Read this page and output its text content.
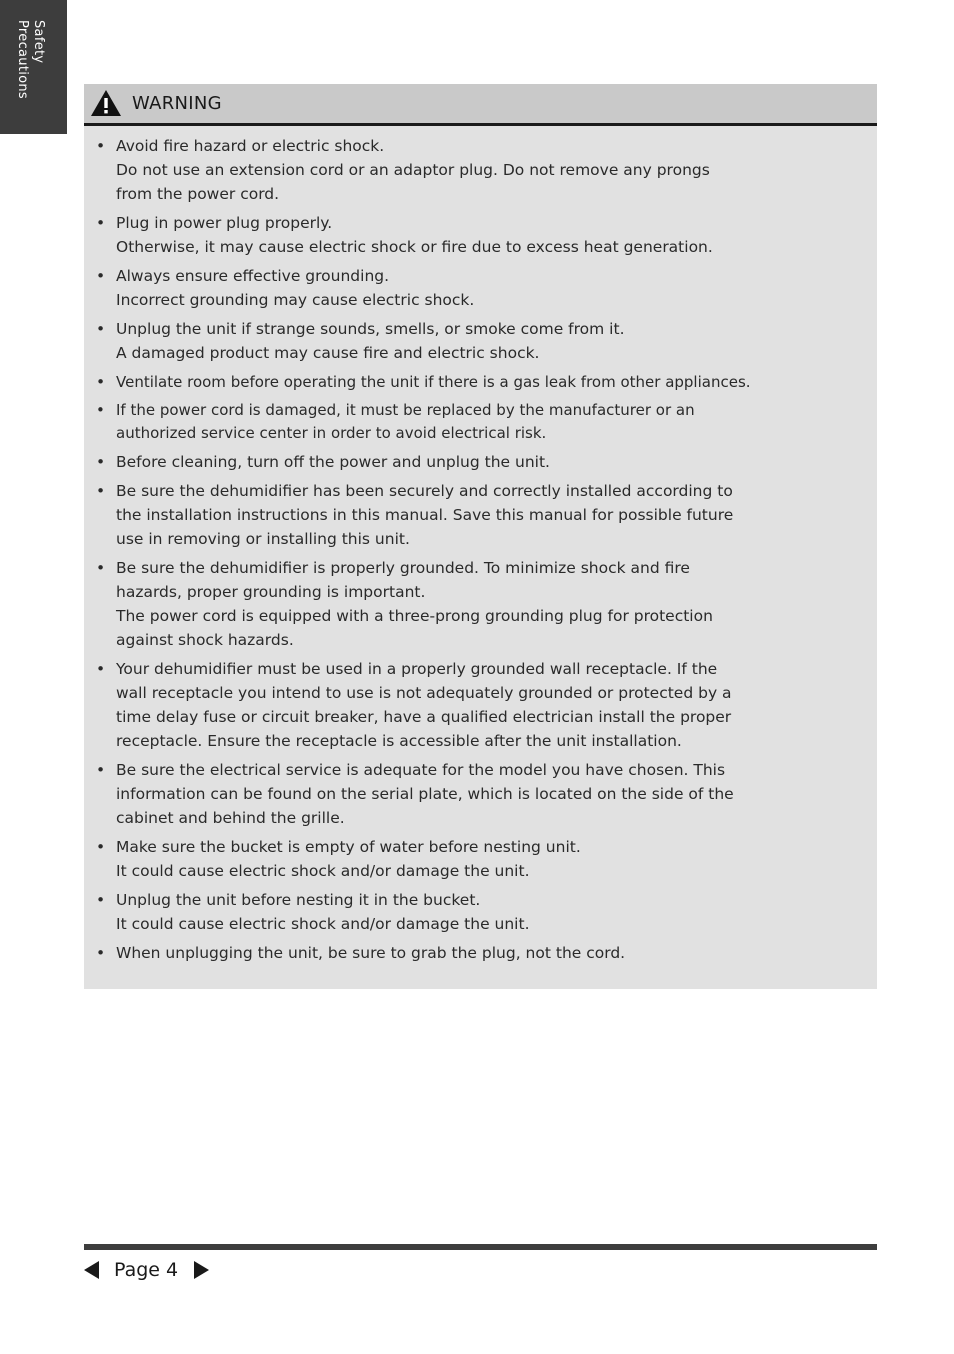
Safety Precautions
WARNING
• Avoid fire hazard or electric shock.
Do not use an extension cord or an adaptor plug. Do not remove any prongs
from the power cord.
• Plug in power plug properly.
Otherwise, it may cause electric shock or fire due to excess heat generation.
• Always ensure effective grounding.
Incorrect grounding may cause electric shock.
• Unplug the unit if strange sounds, smells, or smoke come from it.
A damaged product may cause fire and electric shock.
• Ventilate room before operating the unit if there is a gas leak from other appliances.
• If the power cord is damaged, it must be replaced by the manufacturer or an
authorized service center in order to avoid electrical risk.
• Before cleaning, turn off the power and unplug the unit.
• Be sure the dehumidifier has been securely and correctly installed according to
the installation instructions in this manual. Save this manual for possible future
use in removing or installing this unit.
• Be sure the dehumidifier is properly grounded. To minimize shock and fire
hazards, proper grounding is important.
The power cord is equipped with a three-prong grounding plug for protection
against shock hazards.
• Your dehumidifier must be used in a properly grounded wall receptacle. If the
wall receptacle you intend to use is not adequately grounded or protected by a
time delay fuse or circuit breaker, have a qualified electrician install the proper
receptacle. Ensure the receptacle is accessible after the unit installation.
• Be sure the electrical service is adequate for the model you have chosen. This
information can be found on the serial plate, which is located on the side of the
cabinet and behind the grille.
• Make sure the bucket is empty of water before nesting unit.
It could cause electric shock and/or damage the unit.
• Unplug the unit before nesting it in the bucket.
It could cause electric shock and/or damage the unit.
• When unplugging the unit, be sure to grab the plug, not the cord.
Page 4
